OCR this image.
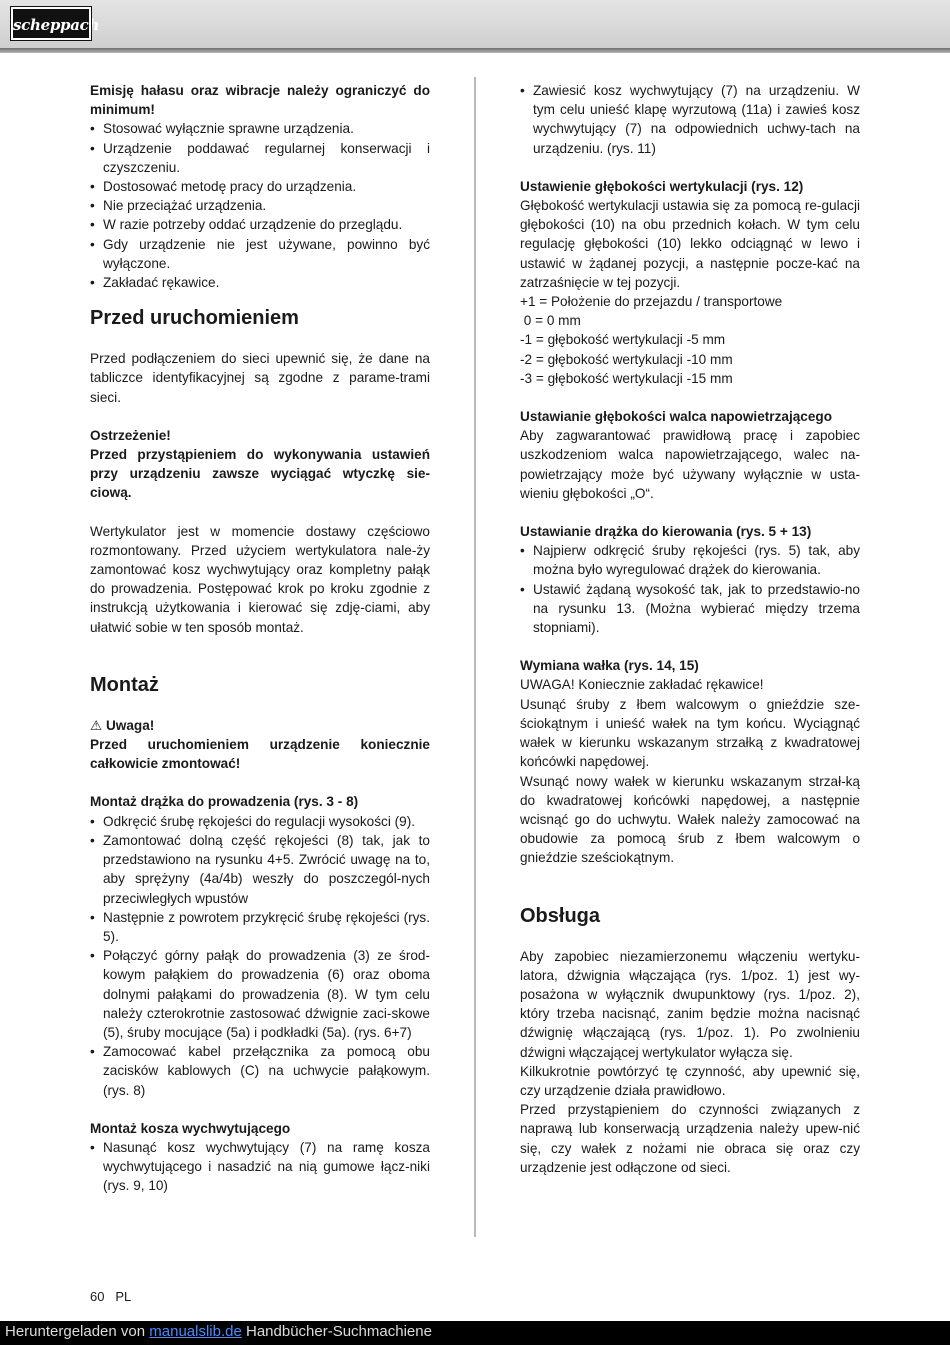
scheppach

Emisję hałasu oraz wibracje należy ograniczyć do minimum!

• Stosować wyłącznie sprawne urządzenia.
• Urządzenie poddawać regularnej konserwacji i czyszczeniu.
• Dostosować metodę pracy do urządzenia.
• Nie przeciążać urządzenia.
• W razie potrzeby oddać urządzenie do przeglądu.
• Gdy urządzenie nie jest używane, powinno być wyłączone.
• Zakładać rękawice.

Przed uruchomieniem

Przed podłączeniem do sieci upewnić się, że dane na tabliczce identyfikacyjnej są zgodne z parame-trami sieci.

Ostrzeżenie!

Przed przystąpieniem do wykonywania ustawień przy urządzeniu zawsze wyciągać wtyczkę sie-ciową.

Wertykulator jest w momencie dostawy częściowo rozmontowany. Przed użyciem wertykulatora nale-ży zamontować kosz wychwytujący oraz kompletny pałąk do prowadzenia. Postępować krok po kroku zgodnie z instrukcją użytkowania i kierować się zdję-ciami, aby ułatwić sobie w ten sposób montaż.

Montaż

⚠ Uwaga!

Przed uruchomieniem urządzenie koniecznie całkowicie zmontować!

Montaż drążka do prowadzenia (rys. 3 - 8)

• Odkręcić śrubę rękojeści do regulacji wysokości (9).
• Zamontować dolną część rękojeści (8) tak, jak to przedstawiono na rysunku 4+5. Zwrócić uwagę na to, aby sprężyny (4a/4b) weszły do poszczegól-nych przeciwległych wpustów
• Następnie z powrotem przykręcić śrubę rękojeści (rys. 5).
• Połączyć górny pałąk do prowadzenia (3) ze środ-kowym pałąkiem do prowadzenia (6) oraz oboma dolnymi pałąkami do prowadzenia (8). W tym celu należy czterokrotnie zastosować dźwignie zaci-skowe (5), śruby mocujące (5a) i podkładki (5a). (rys. 6+7)
• Zamocować kabel przełącznika za pomocą obu zacisków kablowych (C) na uchwycie pałąkowym. (rys. 8)

Montaż kosza wychwytującego

• Nasunąć kosz wychwytujący (7) na ramę kosza wychwytującego i nasadzić na nią gumowe łącz-niki (rys. 9, 10)
• Zawiesić kosz wychwytujący (7) na urządzeniu. W tym celu unieść klapę wyrzutową (11a) i zawieś kosz wychwytujący (7) na odpowiednich uchwy-tach na urządzeniu. (rys. 11)

Ustawienie głębokości wertykulacji (rys. 12)

Głębokość wertykulacji ustawia się za pomocą re-gulacji głębokości (10) na obu przednich kołach. W tym celu regulację głębokości (10) lekko odciągnąć w lewo i ustawić w żądanej pozycji, a następnie pocze-kać na zatrzaśnięcie w tej pozycji.

+1 = Położenie do przejazdu / transportowe
0 = 0 mm
-1 = głębokość wertykulacji -5 mm
-2 = głębokość wertykulacji -10 mm
-3 = głębokość wertykulacji -15 mm

Ustawianie głębokości walca napowietrzającego

Aby zagwarantować prawidłową pracę i zapobiec uszkodzeniom walca napowietrzającego, walec na-powietrzający może być używany wyłącznie w usta-wieniu głębokości „O“.

Ustawianie drążka do kierowania (rys. 5 + 13)

• Najpierw odkręcić śruby rękojeści (rys. 5) tak, aby można było wyregulować drążek do kierowania.
• Ustawić żądaną wysokość tak, jak to przedstawio-no na rysunku 13. (Można wybierać między trzema stopniami).

Wymiana wałka (rys. 14, 15)

UWAGA! Koniecznie zakładać rękawice!
Usunąć śruby z łbem walcowym o gnieździe sze-ściokątnym i unieść wałek na tym końcu. Wyciągnąć wałek w kierunku wskazanym strzałką z kwadratowej końcówki napędowej.
Wsunąć nowy wałek w kierunku wskazanym strzał-ką do kwadratowej końcówki napędowej, a następnie wcisnąć go do uchwytu. Wałek należy zamocować na obudowie za pomocą śrub z łbem walcowym o gnieździe sześciokątnym.

Obsługa

Aby zapobiec niezamierzonemu włączeniu wertyku-latora, dźwignia włączająca (rys. 1/poz. 1) jest wy-posażona w wyłącznik dwupunktowy (rys. 1/poz. 2), który trzeba nacisnąć, zanim będzie można nacisnąć dźwignię włączającą (rys. 1/poz. 1). Po zwolnieniu dźwigni włączającej wertykulator wyłącza się.
Kilkukrotnie powtórzyć tę czynność, aby upewnić się, czy urządzenie działa prawidłowo.
Przed przystąpieniem do czynności związanych z naprawą lub konserwacją urządzenia należy upew-nić się, czy wałek z nożami nie obraca się oraz czy urządzenie jest odłączone od sieci.

60 PL
Heruntergeladen von manualslib.de Handbücher-Suchmachiene
